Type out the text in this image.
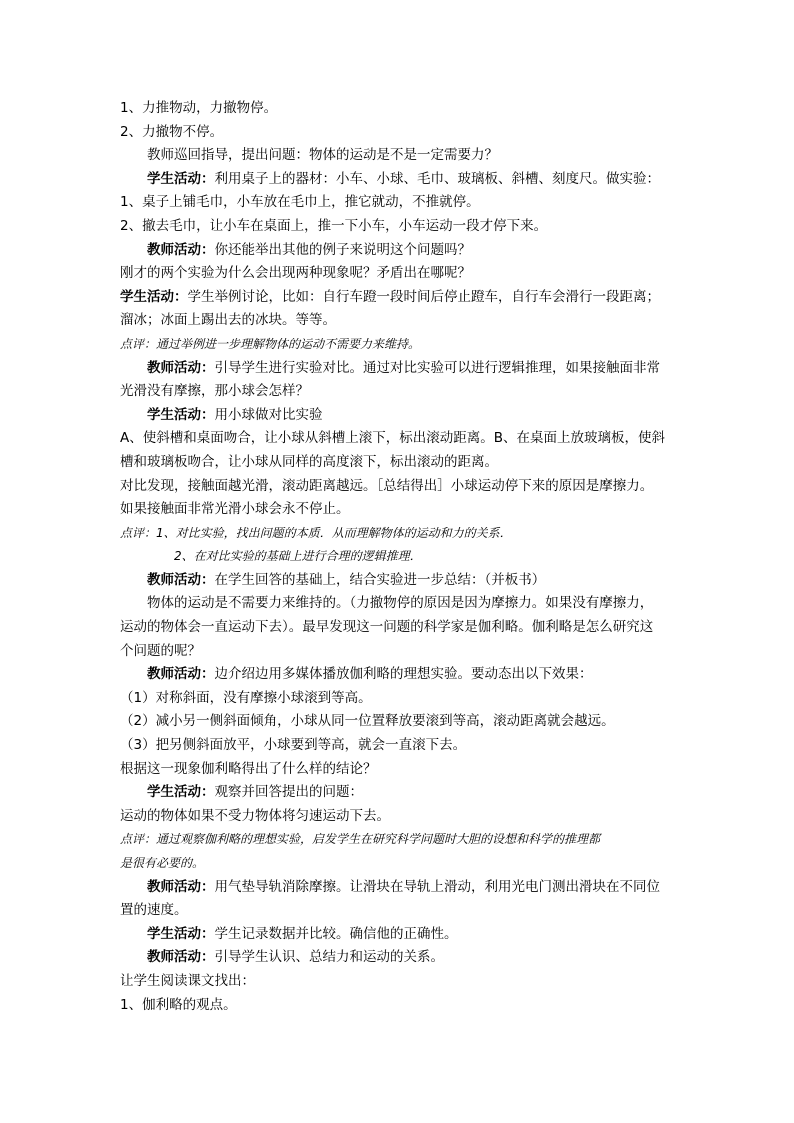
1、力推物动，力撤物停。
2、力撤物不停。
教师巡回指导，提出问题：物体的运动是不是一定需要力？
学生活动：利用桌子上的器材：小车、小球、毛巾、玻璃板、斜槽、刻度尺。做实验：
1、桌子上铺毛巾，小车放在毛巾上，推它就动，不推就停。
2、撤去毛巾，让小车在桌面上，推一下小车，小车运动一段才停下来。
教师活动：你还能举出其他的例子来说明这个问题吗？
刚才的两个实验为什么会出现两种现象呢？矛盾出在哪呢？
学生活动：学生举例讨论，比如：自行车蹬一段时间后停止蹬车，自行车会滑行一段距离；
溜冰；冰面上踢出去的冰块。等等。
点评：通过举例进一步理解物体的运动不需要力来维持。
教师活动：引导学生进行实验对比。通过对比实验可以进行逻辑推理，如果接触面非常
光滑没有摩擦，那小球会怎样？
学生活动：用小球做对比实验
A、使斜槽和桌面吻合，让小球从斜槽上滚下，标出滚动距离。B、在桌面上放玻璃板，使斜
槽和玻璃板吻合，让小球从同样的高度滚下，标出滚动的距离。
对比发现，接触面越光滑，滚动距离越远。［总结得出］小球运动停下来的原因是摩擦力。
如果接触面非常光滑小球会永不停止。
点评：1、对比实验，找出问题的本质．从而理解物体的运动和力的关系．
2、在对比实验的基础上进行合理的逻辑推理．
教师活动：在学生回答的基础上，结合实验进一步总结：（并板书）
物体的运动是不需要力来维持的。（力撤物停的原因是因为摩擦力。如果没有摩擦力，
运动的物体会一直运动下去）。最早发现这一问题的科学家是伽利略。伽利略是怎么研究这
个问题的呢？
教师活动：边介绍边用多媒体播放伽利略的理想实验。要动态出以下效果：
（1）对称斜面，没有摩擦小球滚到等高。
（2）减小另一侧斜面倾角，小球从同一位置释放要滚到等高，滚动距离就会越远。
（3）把另侧斜面放平，小球要到等高，就会一直滚下去。
根据这一现象伽利略得出了什么样的结论？
学生活动：观察并回答提出的问题：
运动的物体如果不受力物体将匀速运动下去。
点评：通过观察伽利略的理想实验，启发学生在研究科学问题时大胆的设想和科学的推理都
是很有必要的。
教师活动：用气垫导轨消除摩擦。让滑块在导轨上滑动，利用光电门测出滑块在不同位
置的速度。
学生活动：学生记录数据并比较。确信他的正确性。
教师活动：引导学生认识、总结力和运动的关系。
让学生阅读课文找出：
1、伽利略的观点。
